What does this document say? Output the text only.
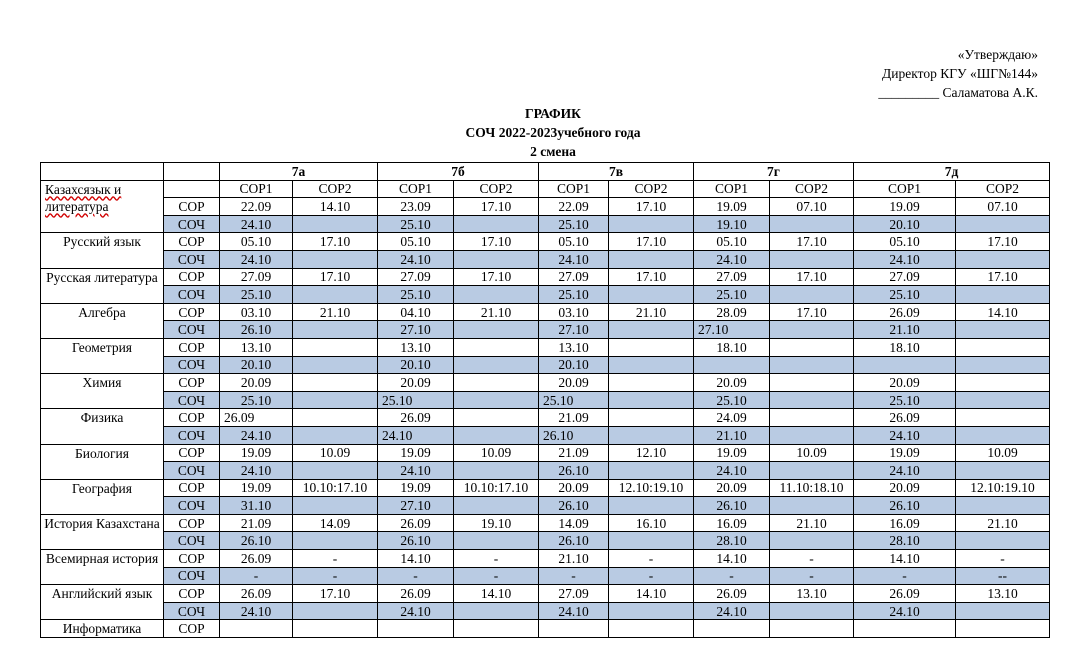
«Утверждаю»
Директор КГУ «ШГ№144»
_________ Саламатова А.К.
ГРАФИК
СОЧ 2022-2023учебного года
2 смена
		7а		7б		7в		7г		7д	
Казахсязык и литература		СОР1	СОР2	СОР1	СОР2	СОР1	СОР2	СОР1	СОР2	СОР1	СОР2
	СОР	22.09	14.10	23.09	17.10	22.09	17.10	19.09	07.10	19.09	07.10
	СОЧ	24.10		25.10		25.10		19.10		20.10	
Русский язык	СОР	05.10	17.10	05.10	17.10	05.10	17.10	05.10	17.10	05.10	17.10
	СОЧ	24.10		24.10		24.10		24.10		24.10	
Русская литература	СОР	27.09	17.10	27.09	17.10	27.09	17.10	27.09	17.10	27.09	17.10
	СОЧ	25.10		25.10		25.10		25.10		25.10	
Алгебра	СОР	03.10	21.10	04.10	21.10	03.10	21.10	28.09	17.10	26.09	14.10
	СОЧ	26.10		27.10		27.10		27.10		21.10	
Геометрия	СОР	13.10		13.10		13.10		18.10		18.10	
	СОЧ	20.10		20.10		20.10					
Химия	СОР	20.09		20.09		20.09		20.09		20.09	
	СОЧ	25.10		25.10		25.10		25.10		25.10	
Физика	СОР	26.09		26.09		21.09		24.09		26.09	
	СОЧ	24.10		24.10		26.10		21.10		24.10	
Биология	СОР	19.09	10.09	19.09	10.09	21.09	12.10	19.09	10.09	19.09	10.09
	СОЧ	24.10		24.10		26.10		24.10		24.10	
География	СОР	19.09	10.10:17.10	19.09	10.10:17.10	20.09	12.10:19.10	20.09	11.10:18.10	20.09	12.10:19.10
	СОЧ	31.10		27.10		26.10		26.10		26.10	
История Казахстана	СОР	21.09	14.09	26.09	19.10	14.09	16.10	16.09	21.10	16.09	21.10
	СОЧ	26.10		26.10		26.10		28.10		28.10	
Всемирная история	СОР	26.09	-	14.10	-	21.10	-	14.10	-	14.10	-
	СОЧ	-	-	-	-	-	-	-	-	-	--
Английский язык	СОР	26.09	17.10	26.09	14.10	27.09	14.10	26.09	13.10	26.09	13.10
	СОЧ	24.10		24.10		24.10		24.10		24.10	
Информатика	СОР										
